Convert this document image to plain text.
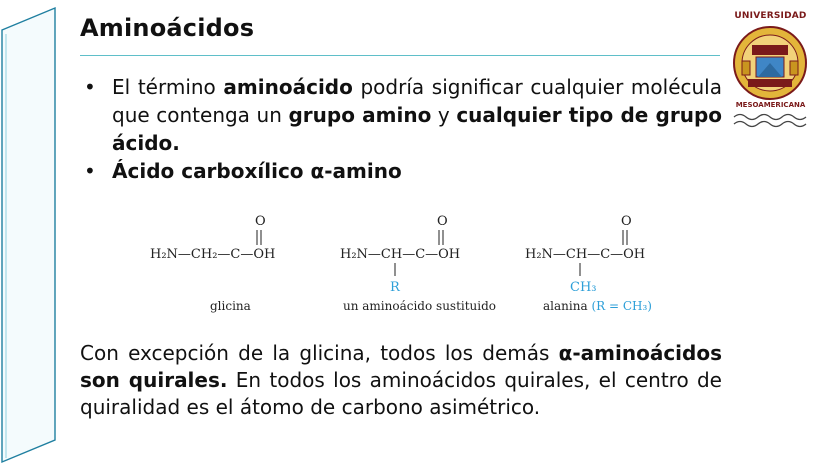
Aminoácidos	UNIVERSIDAD
MESOAMERICANA
• El término aminoácido podría significar cualquier molécula que contenga un grupo amino y cualquier tipo de grupo ácido.
• Ácido carboxílico α-amino
O
H₂N—CH₂—C—OH
glicina
O
H₂N—CH—C—OH
R
un aminoácido sustituido
O
H₂N—CH—C—OH
CH₃
alanina (R = CH₃)

Con excepción de la glicina, todos los demás α-aminoácidos son quirales. En todos los aminoácidos quirales, el centro de quiralidad es el átomo de carbono asimétrico.
